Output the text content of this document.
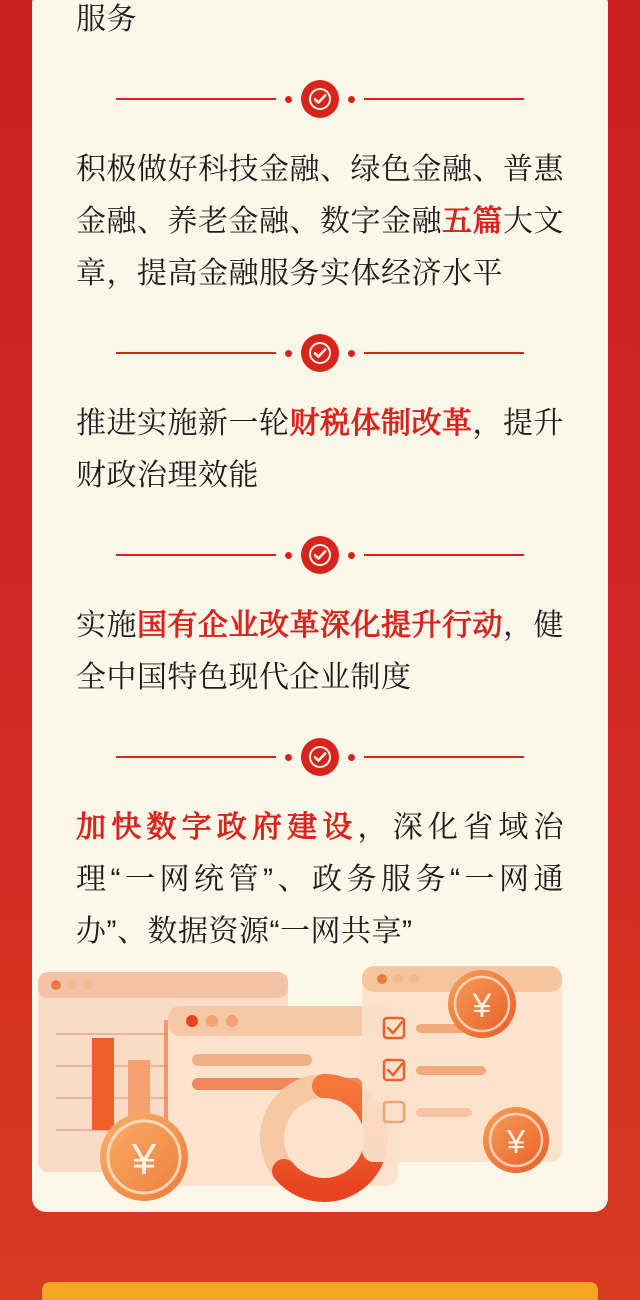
服务
积极做好科技金融、绿色金融、普惠金融、养老金融、数字金融五篇大文章，提高金融服务实体经济水平
推进实施新一轮财税体制改革，提升财政治理效能
实施国有企业改革深化提升行动，健全中国特色现代企业制度
加快数字政府建设，深化省域治理“一网统管”、政务服务“一网通办”、数据资源“一网共享”
¥
¥
¥
